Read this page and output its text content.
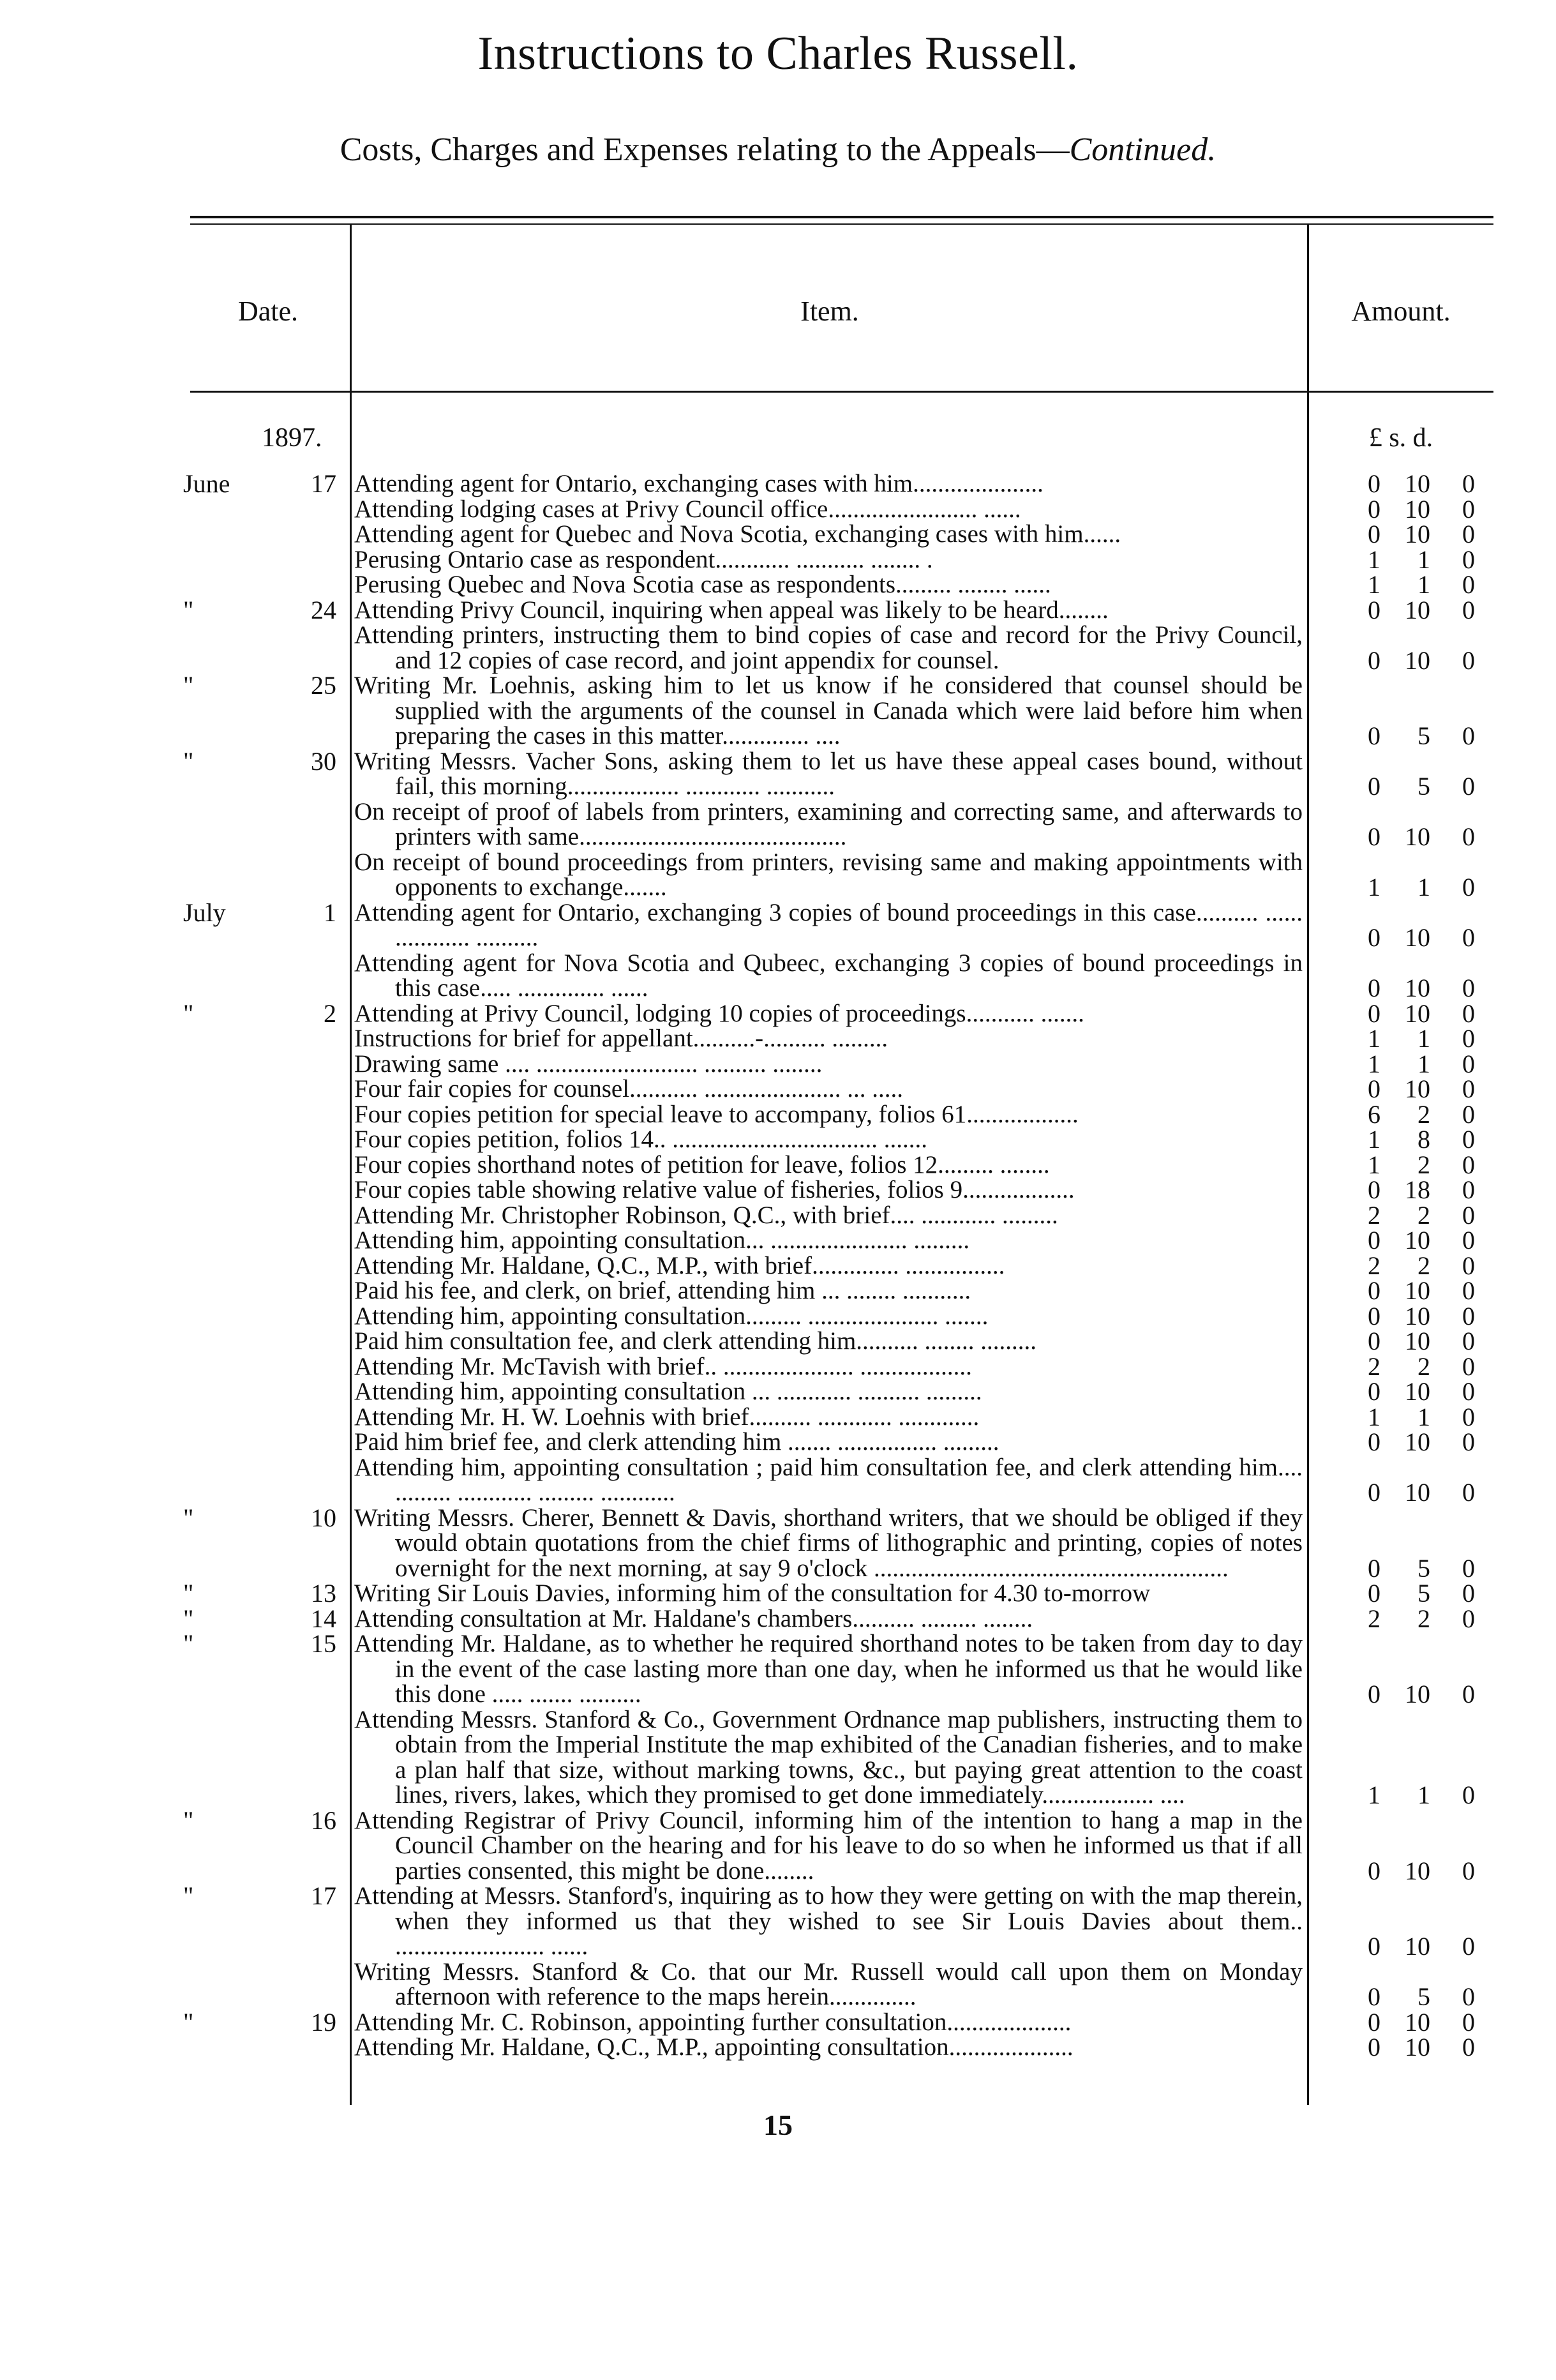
Instructions to Charles Russell.
Costs, Charges and Expenses relating to the Appeals—Continued.
Date.	Item.	Amount.
1897.	£ s. d.
June	17 Attending agent for Ontario, exchanging cases with him.....................	0 10	0
Attending lodging cases at Privy Council office........................ ......	0 10	0
Attending agent for Quebec and Nova Scotia, exchanging cases with him......	0 10	0
Perusing Ontario case as respondent............ ........... ........ .	1	1	0
Perusing Quebec and Nova Scotia case as respondents......... ........ ......	1	1	0
"	24 Attending Privy Council, inquiring when appeal was likely to be heard........	0 10	0
Attending printers, instructing them to bind copies of case and record for the Privy Council, and 12 copies of case record, and joint appendix for counsel.	0 10	0
"	25 Writing Mr. Loehnis, asking him to let us know if he considered that counsel should be supplied with the arguments of the counsel in Canada which were laid before him when preparing the cases in this matter.............. ....	0	5	0
"	30 Writing Messrs. Vacher Sons, asking them to let us have these appeal cases bound, without fail, this morning.................. ............ ...........	0	5	0
On receipt of proof of labels from printers, examining and correcting same, and afterwards to printers with same...........................................	0 10	0
On receipt of bound proceedings from printers, revising same and making appointments with opponents to exchange.......	1	1	0
July	1 Attending agent for Ontario, exchanging 3 copies of bound proceedings in this case.......... ...... ............ ..........	0 10	0
Attending agent for Nova Scotia and Qubeec, exchanging 3 copies of bound proceedings in this case..... .............. ......	0 10	0
"	2 Attending at Privy Council, lodging 10 copies of proceedings........... .......	0 10	0
Instructions for brief for appellant..........-.......... .........	1	1	0
Drawing same .... .......................... .......... ........	1	1	0
Four fair copies for counsel........... ...................... ... .....	0 10	0
Four copies petition for special leave to accompany, folios 61..................	6	2	0
Four copies petition, folios 14.. ................................. .......	1	8	0
Four copies shorthand notes of petition for leave, folios 12......... ........	1	2	0
Four copies table showing relative value of fisheries, folios 9..................	0 18	0
Attending Mr. Christopher Robinson, Q.C., with brief.... ............ .........	2	2	0
Attending him, appointing consultation... ...................... .........	0 10	0
Attending Mr. Haldane, Q.C., M.P., with brief.............. ................	2	2	0
Paid his fee, and clerk, on brief, attending him ... ........ ...........	0 10	0
Attending him, appointing consultation......... ..................... .......	0 10	0
Paid him consultation fee, and clerk attending him.......... ........ .........	0 10	0
Attending Mr. McTavish with brief.. ..................... ..................	2	2	0
Attending him, appointing consultation ... ............ .......... .........	0 10	0
Attending Mr. H. W. Loehnis with brief.......... ............ .............	1	1	0
Paid him brief fee, and clerk attending him ....... ................ .........	0 10	0
Attending him, appointing consultation ; paid him consultation fee, and clerk attending him.... ......... ............ ......... ............	0 10	0
"	10 Writing Messrs. Cherer, Bennett & Davis, shorthand writers, that we should be obliged if they would obtain quotations from the chief firms of lithographic and printing, copies of notes overnight for the next morning, at say 9 o'clock .........................................................	0	5	0
"	13 Writing Sir Louis Davies, informing him of the consultation for 4.30 to-morrow	0	5	0
"	14 Attending consultation at Mr. Haldane's chambers.......... ......... ........	2	2	0
"	15 Attending Mr. Haldane, as to whether he required shorthand notes to be taken from day to day in the event of the case lasting more than one day, when he informed us that he would like this done ..... ....... ..........	0 10	0
Attending Messrs. Stanford & Co., Government Ordnance map publishers, instructing them to obtain from the Imperial Institute the map exhibited of the Canadian fisheries, and to make a plan half that size, without marking towns, &c., but paying great attention to the coast lines, rivers, lakes, which they promised to get done immediately.................. ....	1	1	0
"	16 Attending Registrar of Privy Council, informing him of the intention to hang a map in the Council Chamber on the hearing and for his leave to do so when he informed us that if all parties consented, this might be done........	0 10	0
"	17 Attending at Messrs. Stanford's, inquiring as to how they were getting on with the map therein, when they informed us that they wished to see Sir Louis Davies about them.. ........................ ......	0 10	0
Writing Messrs. Stanford & Co. that our Mr. Russell would call upon them on Monday afternoon with reference to the maps herein..............	0	5	0
"	19 Attending Mr. C. Robinson, appointing further consultation....................	0 10	0
Attending Mr. Haldane, Q.C., M.P., appointing consultation....................	0 10	0
15
